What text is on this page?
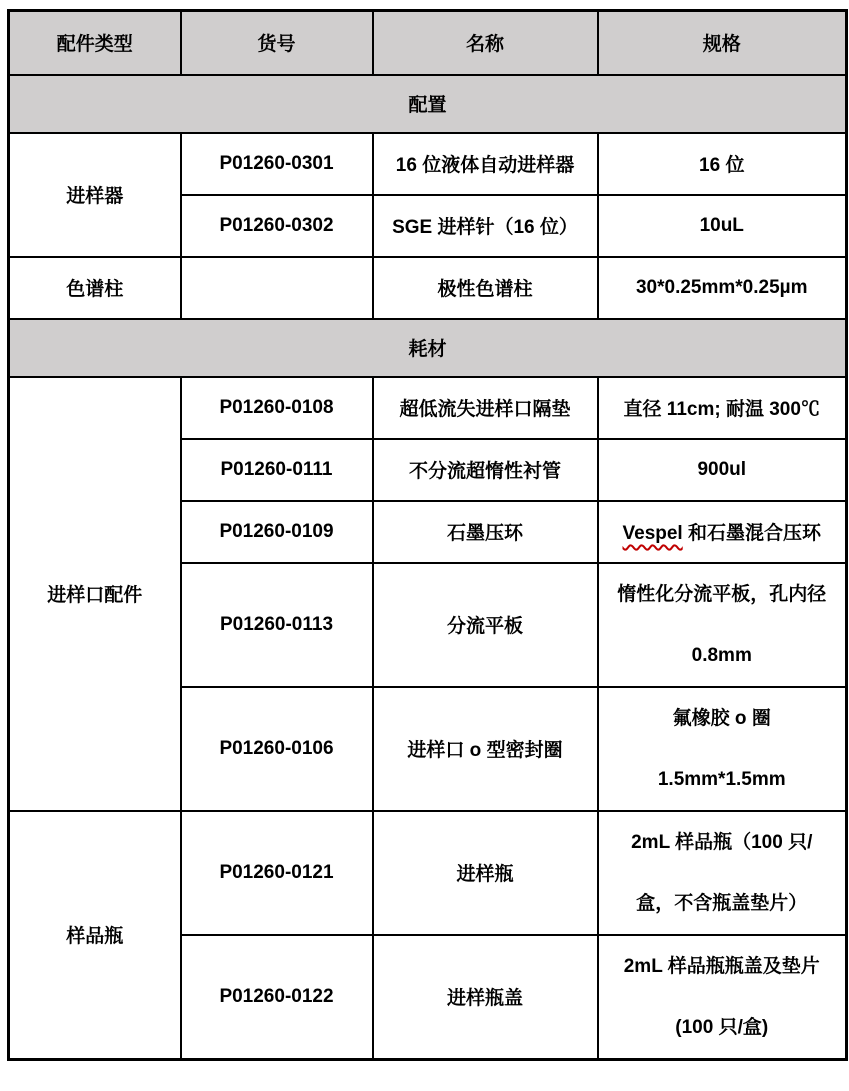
配件类型	货号	名称	规格
配置			
进样器	P01260-0301	16 位液体自动进样器	16 位
	P01260-0302	SGE 进样针（16 位）	10uL
色谱柱		极性色谱柱	30*0.25mm*0.25µm
耗材			
进样口配件	P01260-0108	超低流失进样口隔垫	直径 11cm; 耐温 300℃
	P01260-0111	不分流超惰性衬管	900ul
	P01260-0109	石墨压环	Vespel 和石墨混合压环
	P01260-0113	分流平板	惰性化分流平板，孔内径
0.8mm

	P01260-0106	进样口 o 型密封圈	氟橡胶 o 圈
1.5mm*1.5mm

样品瓶	P01260-0121	进样瓶	2mL 样品瓶（100 只/
盒，不含瓶盖垫片）

	P01260-0122	进样瓶盖	2mL 样品瓶瓶盖及垫片
(100 只/盒)
